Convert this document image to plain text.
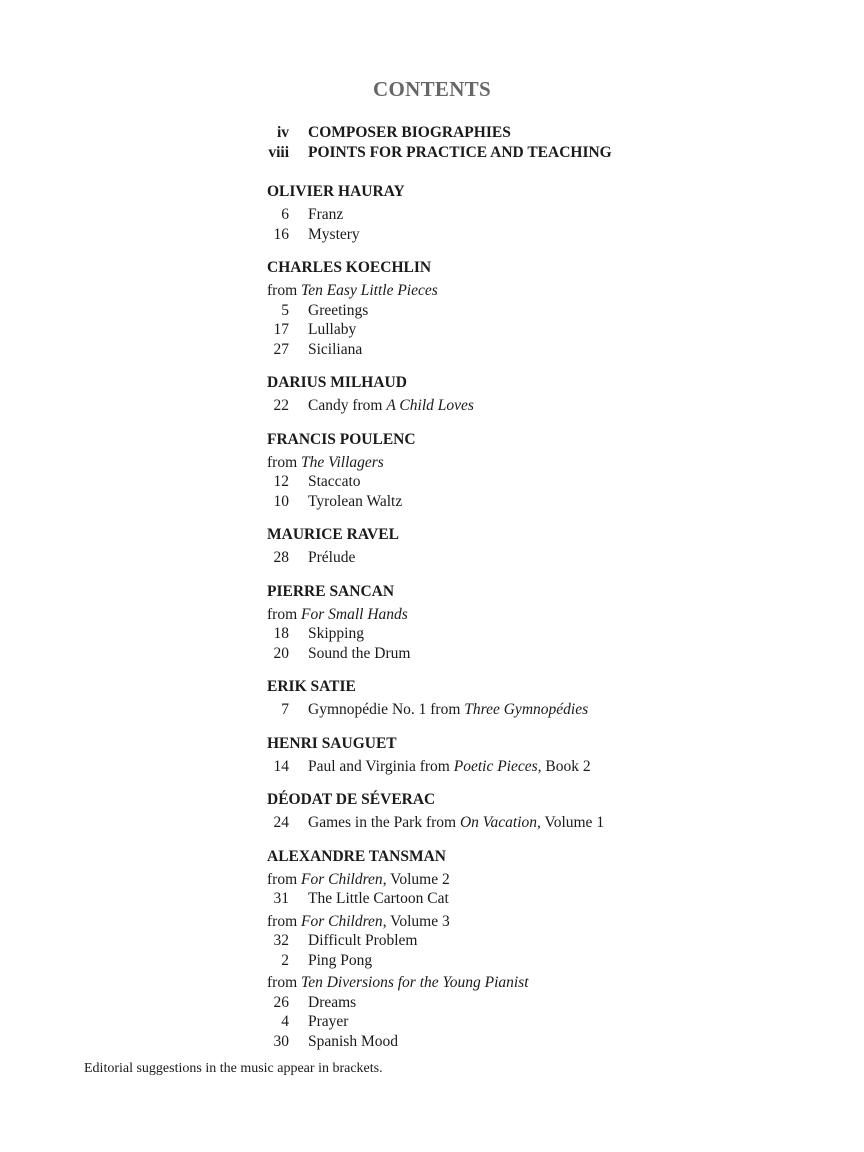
CONTENTS
iv COMPOSER BIOGRAPHIES
viii POINTS FOR PRACTICE AND TEACHING
OLIVIER HAURAY
6 Franz
16 Mystery
CHARLES KOECHLIN
from Ten Easy Little Pieces
5 Greetings
17 Lullaby
27 Siciliana
DARIUS MILHAUD
22 Candy from A Child Loves
FRANCIS POULENC
from The Villagers
12 Staccato
10 Tyrolean Waltz
MAURICE RAVEL
28 Prélude
PIERRE SANCAN
from For Small Hands
18 Skipping
20 Sound the Drum
ERIK SATIE
7 Gymnopédie No. 1 from Three Gymnopédies
HENRI SAUGUET
14 Paul and Virginia from Poetic Pieces, Book 2
DÉODAT DE SÉVERAC
24 Games in the Park from On Vacation, Volume 1
ALEXANDRE TANSMAN
from For Children, Volume 2
31 The Little Cartoon Cat
from For Children, Volume 3
32 Difficult Problem
2 Ping Pong
from Ten Diversions for the Young Pianist
26 Dreams
4 Prayer
30 Spanish Mood
Editorial suggestions in the music appear in brackets.
